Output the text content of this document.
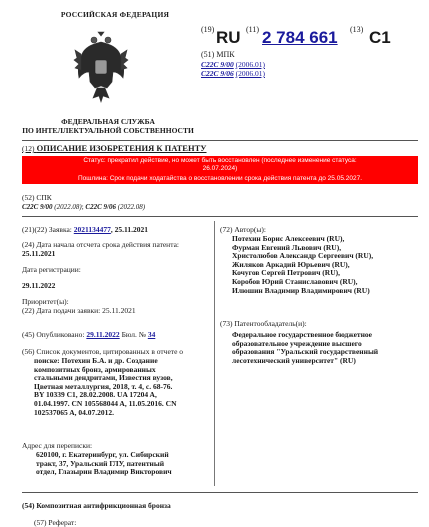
РОССИЙСКАЯ ФЕДЕРАЦИЯ
ФЕДЕРАЛЬНАЯ СЛУЖБА
ПО ИНТЕЛЛЕКТУАЛЬНОЙ СОБСТВЕННОСТИ
(19) RU (11) 2 784 661 (13) C1
(51) МПК
C22C 9/00 (2006.01)
C22C 9/06 (2006.01)
(12) ОПИСАНИЕ ИЗОБРЕТЕНИЯ К ПАТЕНТУ
Статус: прекратил действие, но может быть восстановлен (последнее изменение статуса:
26.07.2024)
Пошлина: Срок подачи ходатайства о восстановлении срока действия патента до 25.05.2027.
(52) СПК
C22C 9/00 (2022.08); C22C 9/06 (2022.08)
(21)(22) Заявка: 2021134477, 25.11.2021
(24) Дата начала отсчета срока действия патента:
25.11.2021
Дата регистрации:
29.11.2022
Приоритет(ы):
(22) Дата подачи заявки: 25.11.2021
(45) Опубликовано: 29.11.2022 Бюл. № 34
(56) Список документов, цитированных в отчете о
поиске: Потехин Б.А. и др. Создание
композитных бронз, армированных
стальными дендритами, Известия вузов,
Цветная металлургия, 2018, т. 4, с. 68-76.
BY 10339 C1, 28.02.2008. UA 17204 A,
01.04.1997. CN 105568044 A, 11.05.2016. CN
102537065 A, 04.07.2012.
Адрес для переписки:
620100, г. Екатеринбург, ул. Сибирский
тракт, 37, Уральский ГЛУ, патентный
отдел, Глазырин Владимир Викторович
(72) Автор(ы):
Потехин Борис Алексеевич (RU),
Фурман Евгений Львович (RU),
Христолюбов Александр Сергеевич (RU),
Жиляков Аркадий Юрьевич (RU),
Кочугов Сергей Петрович (RU),
Коробов Юрий Станиславович (RU),
Илюшин Владимир Владимирович (RU)
(73) Патентообладатель(и):
Федеральное государственное бюджетное
образовательное учреждение высшего
образования "Уральский государственный
лесотехнический университет" (RU)
(54) Композитная антифрикционная бронза
(57) Реферат:
